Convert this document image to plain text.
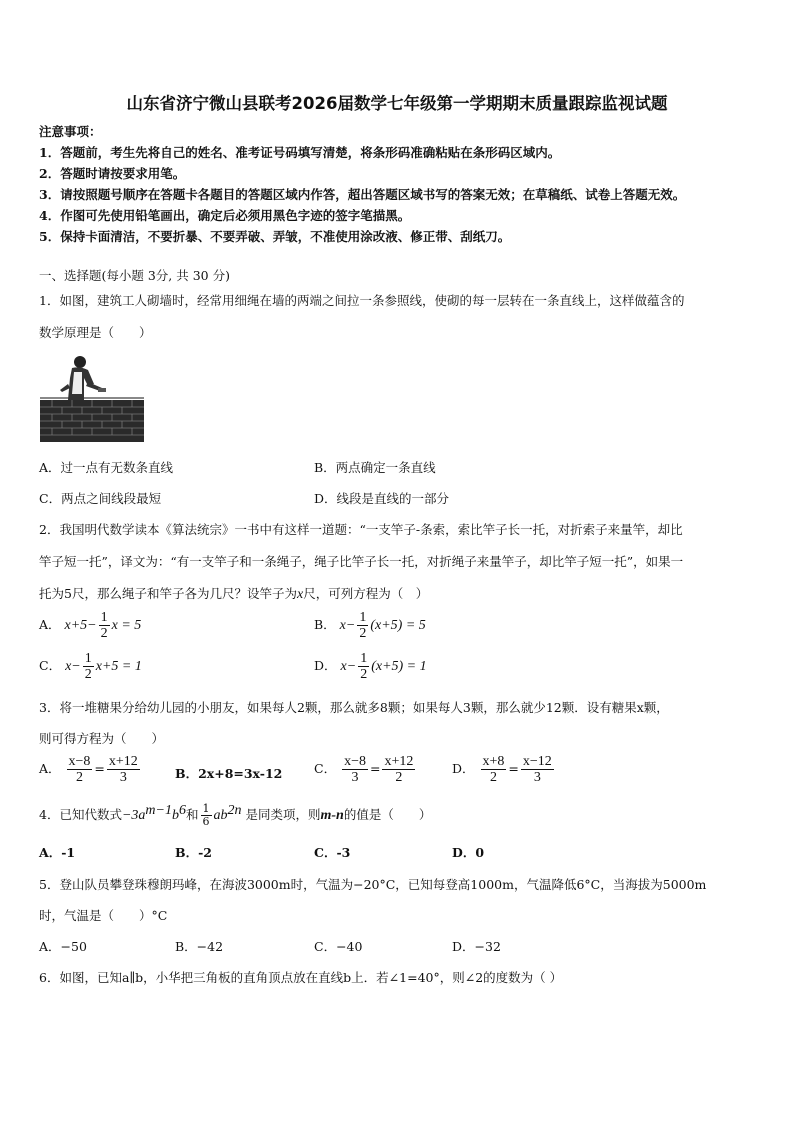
山东省济宁微山县联考2026届数学七年级第一学期期末质量跟踪监视试题
注意事项：
1．答题前，考生先将自己的姓名、准考证号码填写清楚，将条形码准确粘贴在条形码区域内。
2．答题时请按要求用笔。
3．请按照题号顺序在答题卡各题目的答题区域内作答，超出答题区域书写的答案无效；在草稿纸、试卷上答题无效。
4．作图可先使用铅笔画出，确定后必须用黑色字迹的签字笔描黑。
5．保持卡面清洁，不要折暴、不要弄破、弄皱，不准使用涂改液、修正带、刮纸刀。
一、选择题(每小题 3分, 共 30 分)
1．如图，建筑工人砌墙时，经常用细绳在墙的两端之间拉一条参照线，使砌的每一层转在一条直线上，这样做蕴含的
数学原理是（　　）
A．过一点有无数条直线	B．两点确定一条直线
C．两点之间线段最短	D．线段是直线的一部分
2．我国明代数学读本《算法统宗》一书中有这样一道题：“一支竿子-条索，索比竿子长一托，对折索子来量竿，却比
竿子短一托”，译文为：“有一支竿子和一条绳子，绳子比竿子长一托，对折绳子来量竿子，却比竿子短一托”，如果一
托为5尺，那么绳子和竿子各为几尺？设竿子为x尺，可列方程为（　）
A． $x+5- \frac{1}{2}$ x = 5	B． $x- \frac{1}{2} (x+5) = 5$
C． $x- \frac{1}{2} x+5 = 1$	D． $x- \frac{1}{2} (x+5) = 1$
3．将一堆糖果分给幼儿园的小朋友，如果每人2颗，那么就多8颗；如果每人3颗，那么就少12颗．设有糖果x颗，
则可得方程为（　　）
A． $\frac{x-8}{2} = \frac{x+12}{3}$	B．2x+8=3x-12	C． $\frac{x-8}{3} = \frac{x+12}{2}$	D． $\frac{x+8}{2} = \frac{x-12}{3}$
4．已知代数式$-3a^{m-1}b^6$和 $\frac{1}{6} ab^{2n}$ 是同类项，则m-n的值是（　　）
A．-1	B．-2	C．-3	D．0
5．登山队员攀登珠穆朗玛峰，在海波3000m时，气温为−20°C，已知每登高1000m，气温降低6°C，当海拔为5000m
时，气温是（　　）°C
A．−50	B．−42	C．−40	D．−32
6．如图，已知a∥b，小华把三角板的直角顶点放在直线b上．若∠1=40°，则∠2的度数为（ ）
